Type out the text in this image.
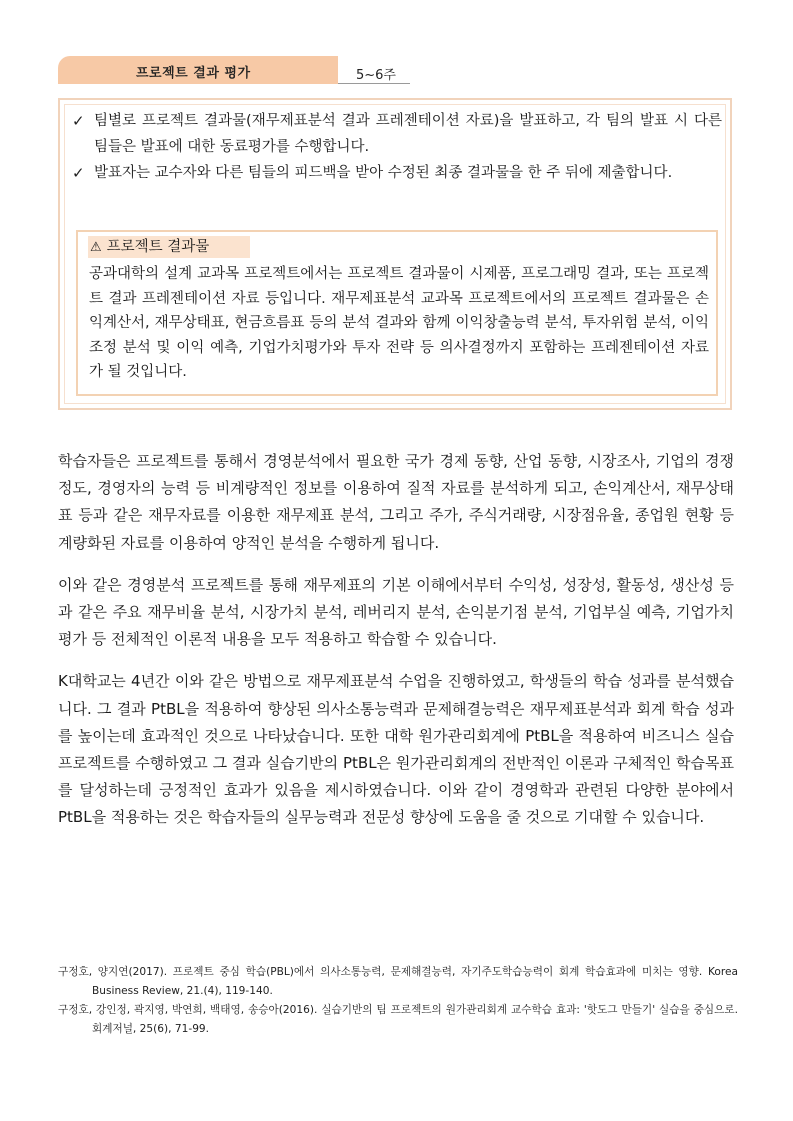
프로젝트 결과 평가	5~6주
✓ 팀별로 프로젝트 결과물(재무제표분석 결과 프레젠테이션 자료)을 발표하고, 각 팀의 발표 시 다른 팀들은 발표에 대한 동료평가를 수행합니다.
✓ 발표자는 교수자와 다른 팀들의 피드백을 받아 수정된 최종 결과물을 한 주 뒤에 제출합니다.
⚠ 프로젝트 결과물
공과대학의 설계 교과목 프로젝트에서는 프로젝트 결과물이 시제품, 프로그래밍 결과, 또는 프로젝트 결과 프레젠테이션 자료 등입니다. 재무제표분석 교과목 프로젝트에서의 프로젝트 결과물은 손익계산서, 재무상태표, 현금흐름표 등의 분석 결과와 함께 이익창출능력 분석, 투자위험 분석, 이익조정 분석 및 이익 예측, 기업가치평가와 투자 전략 등 의사결정까지 포함하는 프레젠테이션 자료가 될 것입니다.

학습자들은 프로젝트를 통해서 경영분석에서 필요한 국가 경제 동향, 산업 동향, 시장조사, 기업의 경쟁 정도, 경영자의 능력 등 비계량적인 정보를 이용하여 질적 자료를 분석하게 되고, 손익계산서, 재무상태표 등과 같은 재무자료를 이용한 재무제표 분석, 그리고 주가, 주식거래량, 시장점유율, 종업원 현황 등 계량화된 자료를 이용하여 양적인 분석을 수행하게 됩니다.

이와 같은 경영분석 프로젝트를 통해 재무제표의 기본 이해에서부터 수익성, 성장성, 활동성, 생산성 등과 같은 주요 재무비율 분석, 시장가치 분석, 레버리지 분석, 손익분기점 분석, 기업부실 예측, 기업가치 평가 등 전체적인 이론적 내용을 모두 적용하고 학습할 수 있습니다.

K대학교는 4년간 이와 같은 방법으로 재무제표분석 수업을 진행하였고, 학생들의 학습 성과를 분석했습니다. 그 결과 PtBL을 적용하여 향상된 의사소통능력과 문제해결능력은 재무제표분석과 회계 학습 성과를 높이는데 효과적인 것으로 나타났습니다. 또한 대학 원가관리회계에 PtBL을 적용하여 비즈니스 실습 프로젝트를 수행하였고 그 결과 실습기반의 PtBL은 원가관리회계의 전반적인 이론과 구체적인 학습목표를 달성하는데 긍정적인 효과가 있음을 제시하였습니다. 이와 같이 경영학과 관련된 다양한 분야에서 PtBL을 적용하는 것은 학습자들의 실무능력과 전문성 향상에 도움을 줄 것으로 기대할 수 있습니다.

구정호, 양지연(2017). 프로젝트 중심 학습(PBL)에서 의사소통능력, 문제해결능력, 자기주도학습능력이 회계 학습효과에 미치는 영향. Korea Business Review, 21.(4), 119-140.
구정호, 강인정, 곽지영, 박연희, 백태영, 송승아(2016). 실습기반의 팀 프로젝트의 원가관리회계 교수학습 효과: '핫도그 만들기' 실습을 중심으로. 회계저널, 25(6), 71-99.
